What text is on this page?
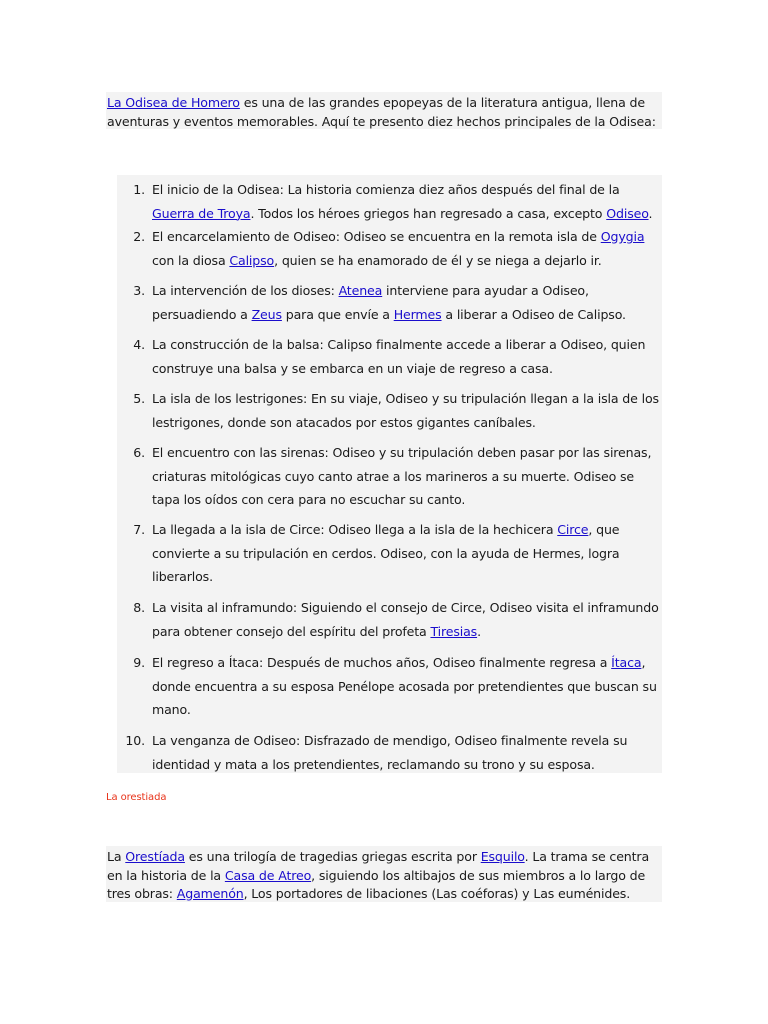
La Odisea de Homero es una de las grandes epopeyas de la literatura antigua, llena de aventuras y eventos memorables. Aquí te presento diez hechos principales de la Odisea:

1. El inicio de la Odisea: La historia comienza diez años después del final de la Guerra de Troya. Todos los héroes griegos han regresado a casa, excepto Odiseo.
2. El encarcelamiento de Odiseo: Odiseo se encuentra en la remota isla de Ogygia con la diosa Calipso, quien se ha enamorado de él y se niega a dejarlo ir.
3. La intervención de los dioses: Atenea interviene para ayudar a Odiseo, persuadiendo a Zeus para que envíe a Hermes a liberar a Odiseo de Calipso.
4. La construcción de la balsa: Calipso finalmente accede a liberar a Odiseo, quien construye una balsa y se embarca en un viaje de regreso a casa.
5. La isla de los lestrigones: En su viaje, Odiseo y su tripulación llegan a la isla de los lestrigones, donde son atacados por estos gigantes caníbales.
6. El encuentro con las sirenas: Odiseo y su tripulación deben pasar por las sirenas, criaturas mitológicas cuyo canto atrae a los marineros a su muerte. Odiseo se tapa los oídos con cera para no escuchar su canto.
7. La llegada a la isla de Circe: Odiseo llega a la isla de la hechicera Circe, que convierte a su tripulación en cerdos. Odiseo, con la ayuda de Hermes, logra liberarlos.
8. La visita al inframundo: Siguiendo el consejo de Circe, Odiseo visita el inframundo para obtener consejo del espíritu del profeta Tiresias.
9. El regreso a Ítaca: Después de muchos años, Odiseo finalmente regresa a Ítaca, donde encuentra a su esposa Penélope acosada por pretendientes que buscan su mano.
10. La venganza de Odiseo: Disfrazado de mendigo, Odiseo finalmente revela su identidad y mata a los pretendientes, reclamando su trono y su esposa.
La orestiada

La Orestíada es una trilogía de tragedias griegas escrita por Esquilo. La trama se centra en la historia de la Casa de Atreo, siguiendo los altibajos de sus miembros a lo largo de tres obras: Agamenón, Los portadores de libaciones (Las coéforas) y Las euménides.
